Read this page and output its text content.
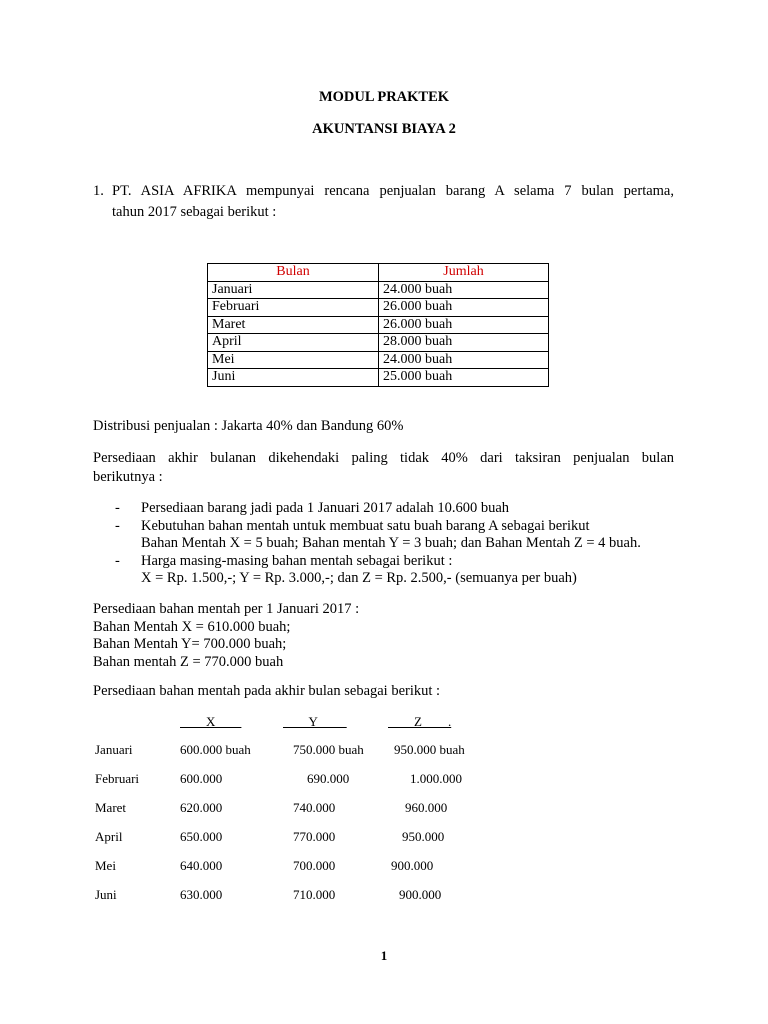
MODUL PRAKTEK
AKUNTANSI BIAYA 2
1. PT. ASIA AFRIKA mempunyai rencana penjualan barang A selama 7 bulan pertama,
tahun 2017 sebagai berikut :
Bulan	Jumlah
Januari	24.000 buah
Februari	26.000 buah
Maret	26.000 buah
April	28.000 buah
Mei	24.000 buah
Juni	25.000 buah
Distribusi penjualan : Jakarta 40% dan Bandung 60%
Persediaan akhir bulanan dikehendaki paling tidak 40% dari taksiran penjualan bulan
berikutnya :
-	Persediaan barang jadi pada 1 Januari 2017 adalah 10.600 buah
-	Kebutuhan bahan mentah untuk membuat satu buah barang A sebagai berikut
Bahan Mentah X = 5 buah; Bahan mentah Y = 3 buah; dan Bahan Mentah Z = 4 buah.
-	Harga masing-masing bahan mentah sebagai berikut :
X = Rp. 1.500,-; Y = Rp. 3.000,-; dan Z = Rp. 2.500,- (semuanya per buah)
Persediaan bahan mentah per 1 Januari 2017 :
Bahan Mentah X = 610.000 buah;
Bahan Mentah Y= 700.000 buah;
Bahan mentah Z = 770.000 buah
Persediaan bahan mentah pada akhir bulan sebagai berikut :
X	Y	Z        .
Januari	600.000 buah	750.000 buah 950.000 buah
Februari	600.000	690.000	1.000.000
Maret	620.000	740.000	960.000
April	650.000	770.000	950.000
Mei	640.000	700.000	900.000
Juni	630.000	710.000	900.000
1
